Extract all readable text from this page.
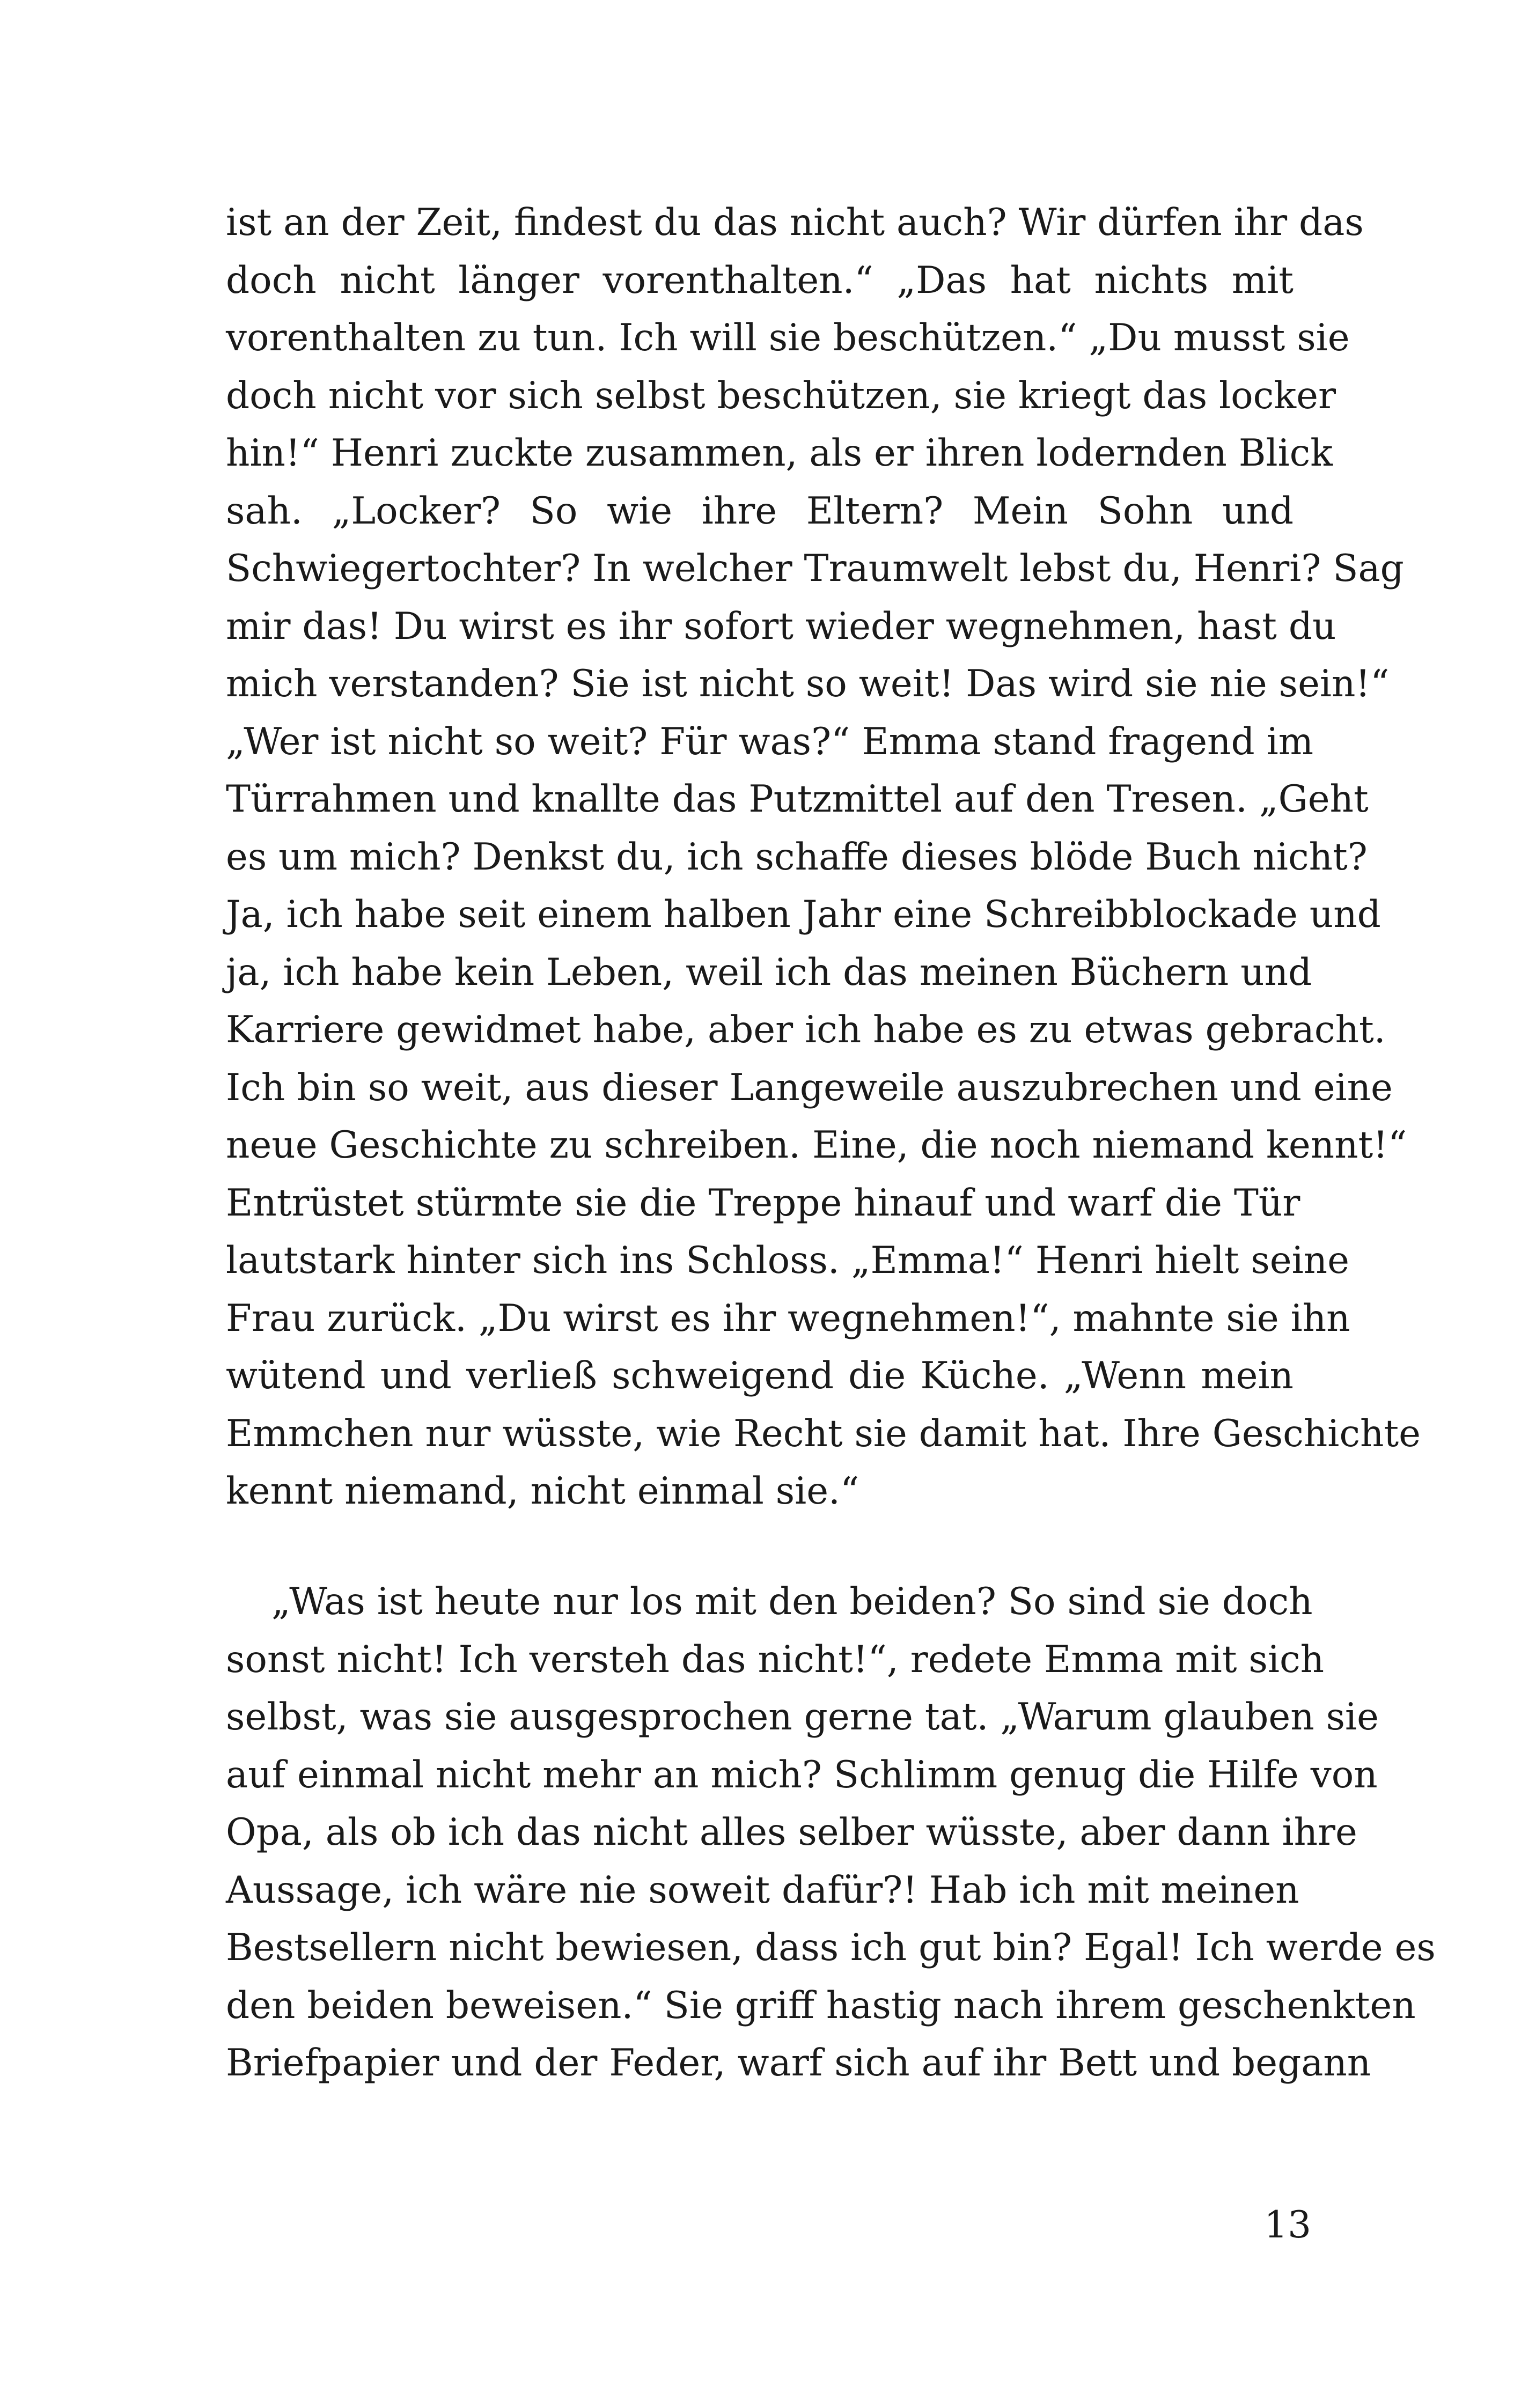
ist an der Zeit, findest du das nicht auch? Wir dürfen ihr das
doch nicht länger vorenthalten.“ „Das hat nichts mit
vorenthalten zu tun. Ich will sie beschützen.“ „Du musst sie
doch nicht vor sich selbst beschützen, sie kriegt das locker
hin!“ Henri zuckte zusammen, als er ihren lodernden Blick
sah. „Locker? So wie ihre Eltern? Mein Sohn und
Schwiegertochter? In welcher Traumwelt lebst du, Henri? Sag
mir das! Du wirst es ihr sofort wieder wegnehmen, hast du
mich verstanden? Sie ist nicht so weit! Das wird sie nie sein!“
„Wer ist nicht so weit? Für was?“ Emma stand fragend im
Türrahmen und knallte das Putzmittel auf den Tresen. „Geht
es um mich? Denkst du, ich schaffe dieses blöde Buch nicht?
Ja, ich habe seit einem halben Jahr eine Schreibblockade und
ja, ich habe kein Leben, weil ich das meinen Büchern und
Karriere gewidmet habe, aber ich habe es zu etwas gebracht.
Ich bin so weit, aus dieser Langeweile auszubrechen und eine
neue Geschichte zu schreiben. Eine, die noch niemand kennt!“
Entrüstet stürmte sie die Treppe hinauf und warf die Tür
lautstark hinter sich ins Schloss. „Emma!“ Henri hielt seine
Frau zurück. „Du wirst es ihr wegnehmen!“, mahnte sie ihn
wütend und verließ schweigend die Küche. „Wenn mein
Emmchen nur wüsste, wie Recht sie damit hat. Ihre Geschichte
kennt niemand, nicht einmal sie.“
„Was ist heute nur los mit den beiden? So sind sie doch
sonst nicht! Ich versteh das nicht!“, redete Emma mit sich
selbst, was sie ausgesprochen gerne tat. „Warum glauben sie
auf einmal nicht mehr an mich? Schlimm genug die Hilfe von
Opa, als ob ich das nicht alles selber wüsste, aber dann ihre
Aussage, ich wäre nie soweit dafür?! Hab ich mit meinen
Bestsellern nicht bewiesen, dass ich gut bin? Egal! Ich werde es
den beiden beweisen.“ Sie griff hastig nach ihrem geschenkten
Briefpapier und der Feder, warf sich auf ihr Bett und begann
13
